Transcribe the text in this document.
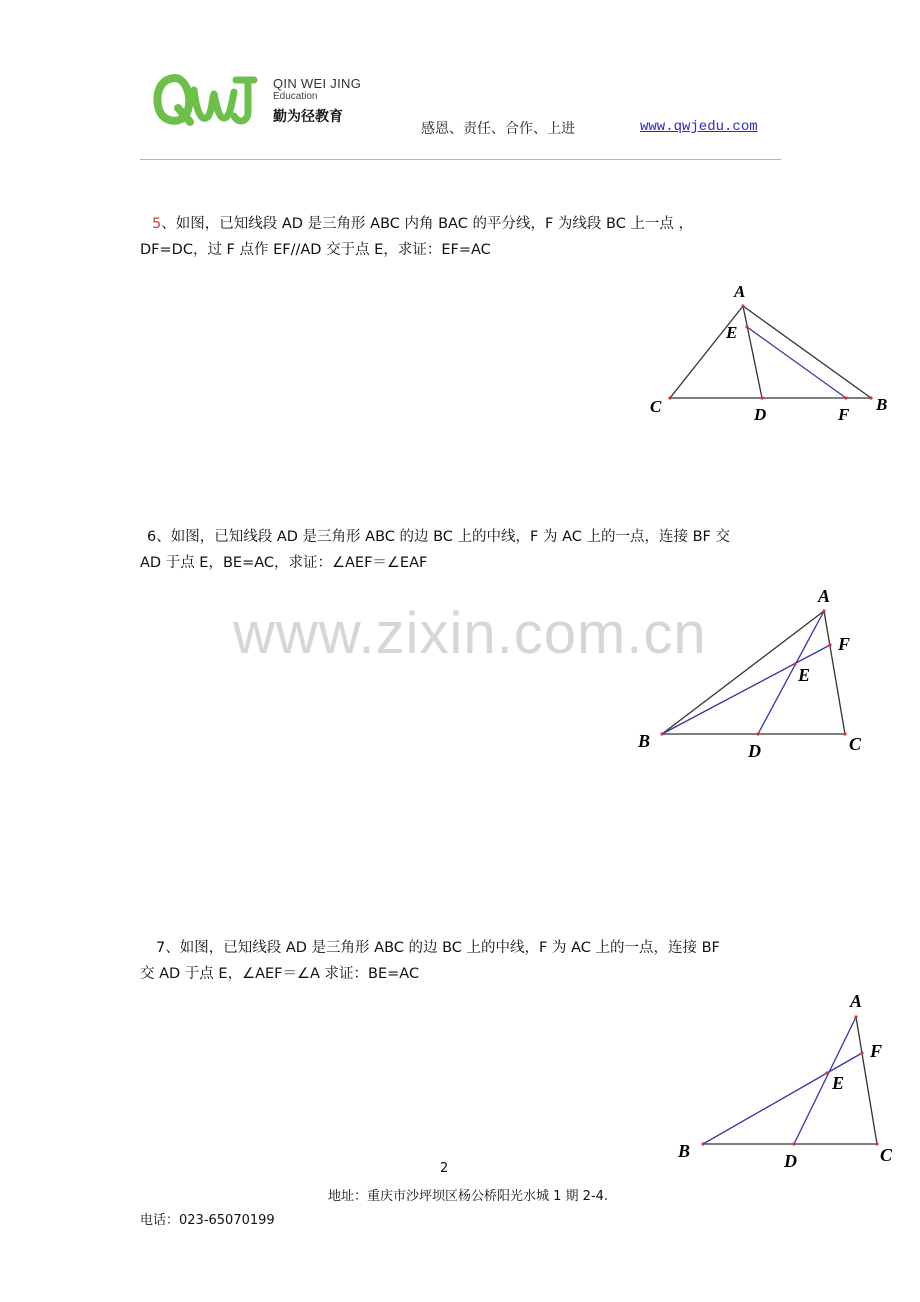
QIN WEI JING
Education
勤为径教育
感恩、责任、合作、上进	www.qwjedu.com
www.zixin.com.cn
5、如图，已知线段 AD 是三角形 ABC 内角 BAC 的平分线，F 为线段 BC 上一点 ，
DF=DC，过 F 点作 EF//AD 交于点 E，求证：EF=AC
A
E
C	D	F
B
6、如图，已知线段 AD 是三角形 ABC 的边 BC 上的中线，F 为 AC 上的一点，连接 BF 交
AD 于点 E，BE=AC，求证：∠AEF＝∠EAF
A
F
E
B	D	C
7、如图，已知线段 AD 是三角形 ABC 的边 BC 上的中线，F 为 AC 上的一点，连接 BF
交 AD 于点 E，∠AEF＝∠A 求证：BE=AC
A
F
E
B	D	C
2
地址：重庆市沙坪坝区杨公桥阳光水城 1 期 2-4.
电话：023-65070199
